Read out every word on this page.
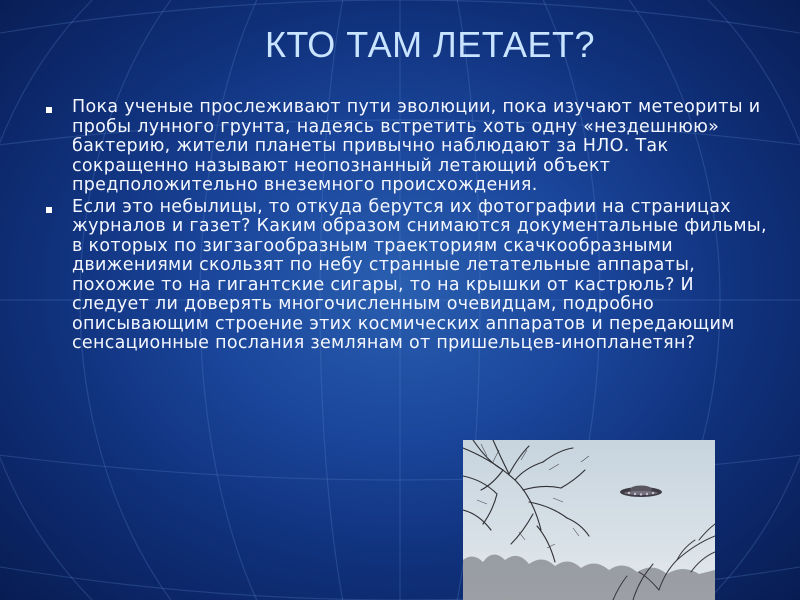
КТО ТАМ ЛЕТАЕТ?
Пока ученые прослеживают пути эволюции, пока изучают метеориты и пробы лунного грунта, надеясь встретить хоть одну «нездешнюю» бактерию, жители планеты привычно наблюдают за НЛО. Так сокращенно называют неопознанный летающий объект предположительно внеземного происхождения.
Если это небылицы, то откуда берутся их фотографии на страницах журналов и газет? Каким образом снимаются документальные фильмы, в которых по зигзагообразным траекториям скачкообразными движениями скользят по небу странные летательные аппараты, похожие то на гигантские сигары, то на крышки от кастрюль? И следует ли доверять многочисленным очевидцам, подробно описывающим строение этих космических аппаратов и передающим сенсационные послания землянам от пришельцев-инопланетян?
